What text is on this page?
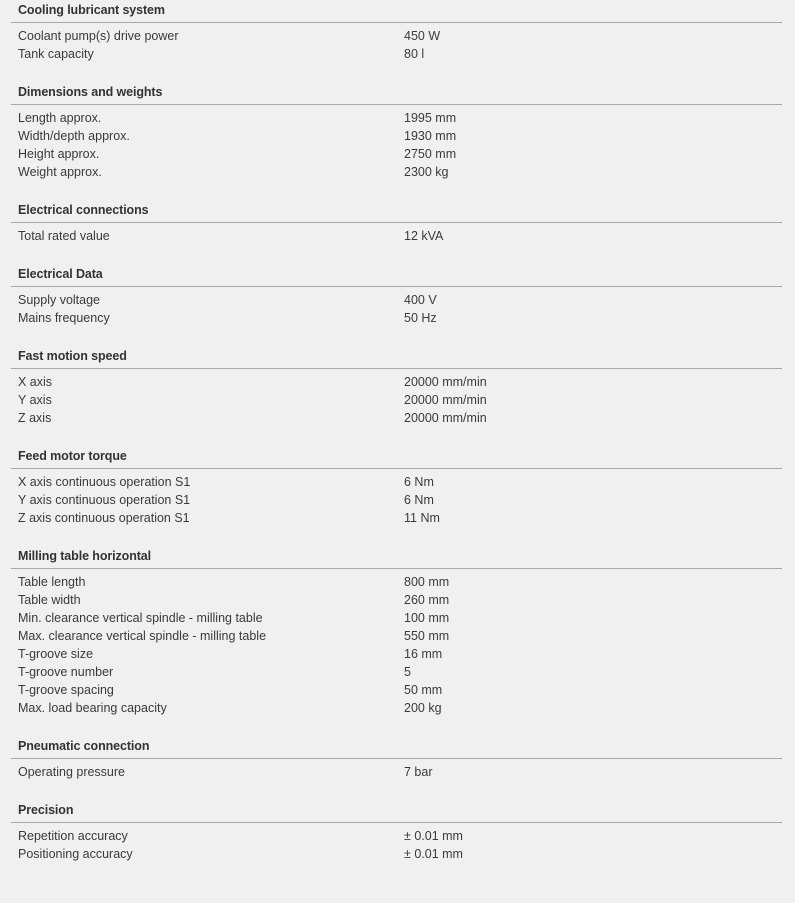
Cooling lubricant system
Coolant pump(s) drive power	450 W
Tank capacity	80 l
Dimensions and weights
Length approx.	1995 mm
Width/depth approx.	1930 mm
Height approx.	2750 mm
Weight approx.	2300 kg
Electrical connections
Total rated value	12 kVA
Electrical Data
Supply voltage	400 V
Mains frequency	50 Hz
Fast motion speed
X axis	20000 mm/min
Y axis	20000 mm/min
Z axis	20000 mm/min
Feed motor torque
X axis continuous operation S1	6 Nm
Y axis continuous operation S1	6 Nm
Z axis continuous operation S1	11 Nm
Milling table horizontal
Table length	800 mm
Table width	260 mm
Min. clearance vertical spindle - milling table	100 mm
Max. clearance vertical spindle - milling table	550 mm
T-groove size	16 mm
T-groove number	5
T-groove spacing	50 mm
Max. load bearing capacity	200 kg
Pneumatic connection
Operating pressure	7 bar
Precision
Repetition accuracy	± 0.01 mm
Positioning accuracy	± 0.01 mm
